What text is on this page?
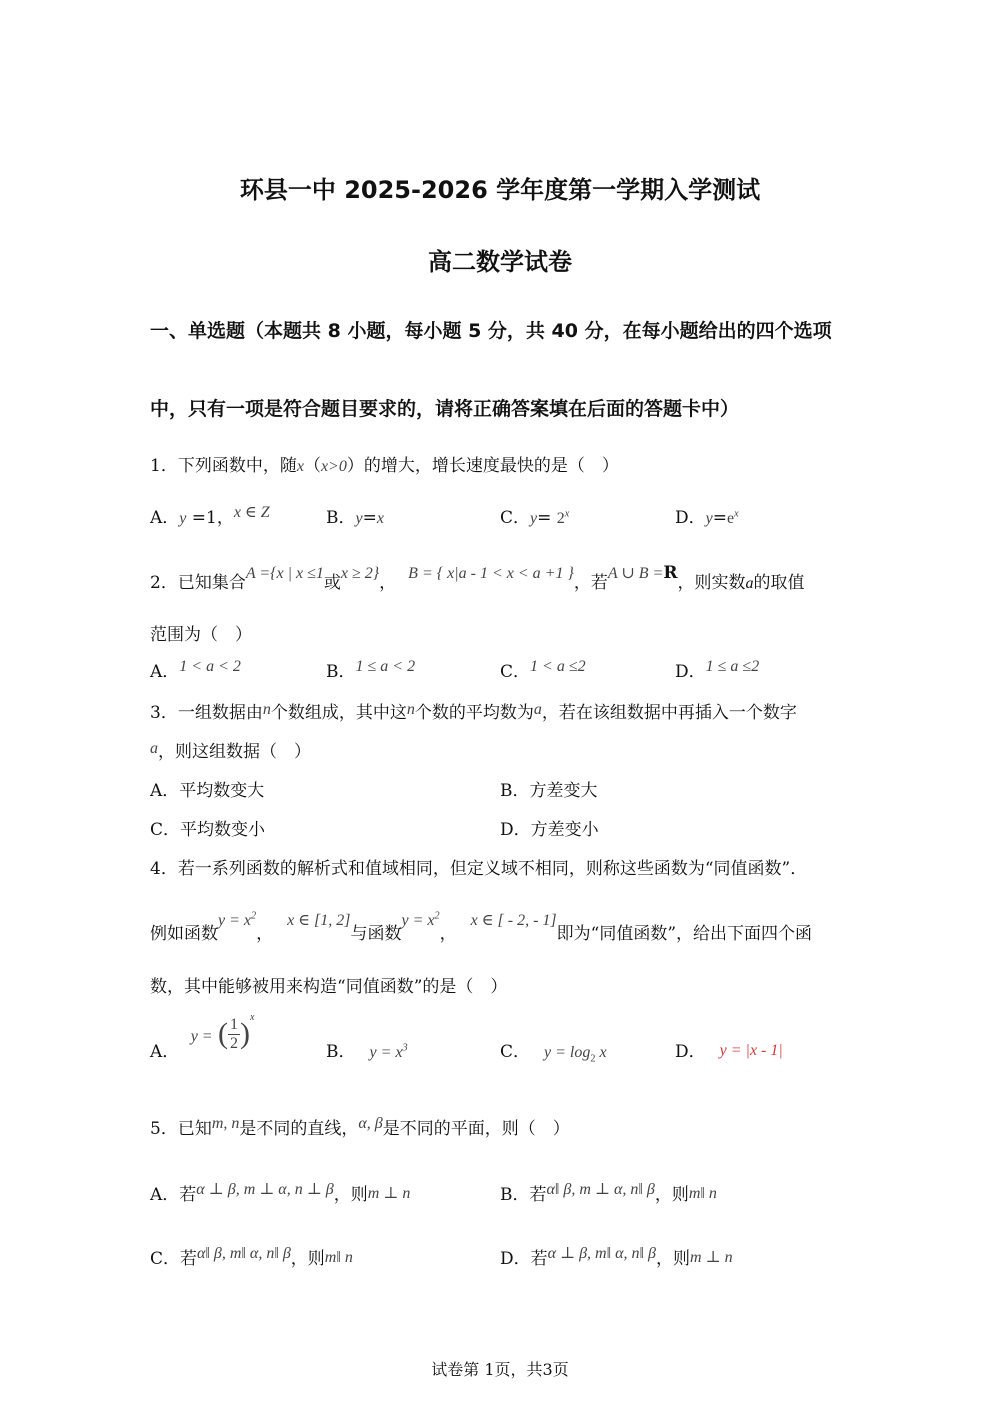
环县一中 2025-2026 学年度第一学期入学测试
高二数学试卷
一、单选题（本题共 8 小题，每小题 5 分，共 40 分，在每小题给出的四个选项
中，只有一项是符合题目要求的，请将正确答案填在后面的答题卡中）
1．下列函数中，随x（x>0）的增大，增长速度最快的是（　）
A．y =1，x ∈ Z	B．y=x	C．$y= 2^x$	D．$y=e^x$
2．已知集合A ={x | x ≤1或x ≥ 2}， B = { x|a - 1 < x < a +1 }，若A ∪ B =R，则实数a的取值
范围为（　）
A．1 < a < 2	B．1 ≤ a < 2	C．1 < a ≤2	D．1 ≤ a ≤2
3．一组数据由n个数组成，其中这n个数的平均数为a，若在该组数据中再插入一个数字
a，则这组数据（　）
A．平均数变大	B．方差变大
C．平均数变小	D．方差变小
4．若一系列函数的解析式和值域相同，但定义域不相同，则称这些函数为“同值函数”．
例如函数$y = x^2$，x ∈ [1, 2]与函数$y = x^2$，x ∈ [ - 2, - 1]即为“同值函数”，给出下面四个函
数，其中能够被用来构造“同值函数”的是（　）
A． y = ( $\frac{1}{2} )x$
B． $y = x^3$	C． $y = \log_2 x$	D． y = |x - 1|
5．已知m, n是不同的直线，α, β是不同的平面，则（　）
A．若α ⊥ β, m ⊥ α, n ⊥ β，则m ⊥ n	B．若α‖ β, m ⊥ α, n‖ β，则m‖ n
C．若α‖ β, m‖ α, n‖ β，则m‖ n	D．若α ⊥ β, m‖ α, n‖ β，则m ⊥ n
试卷第 1页，共3页
